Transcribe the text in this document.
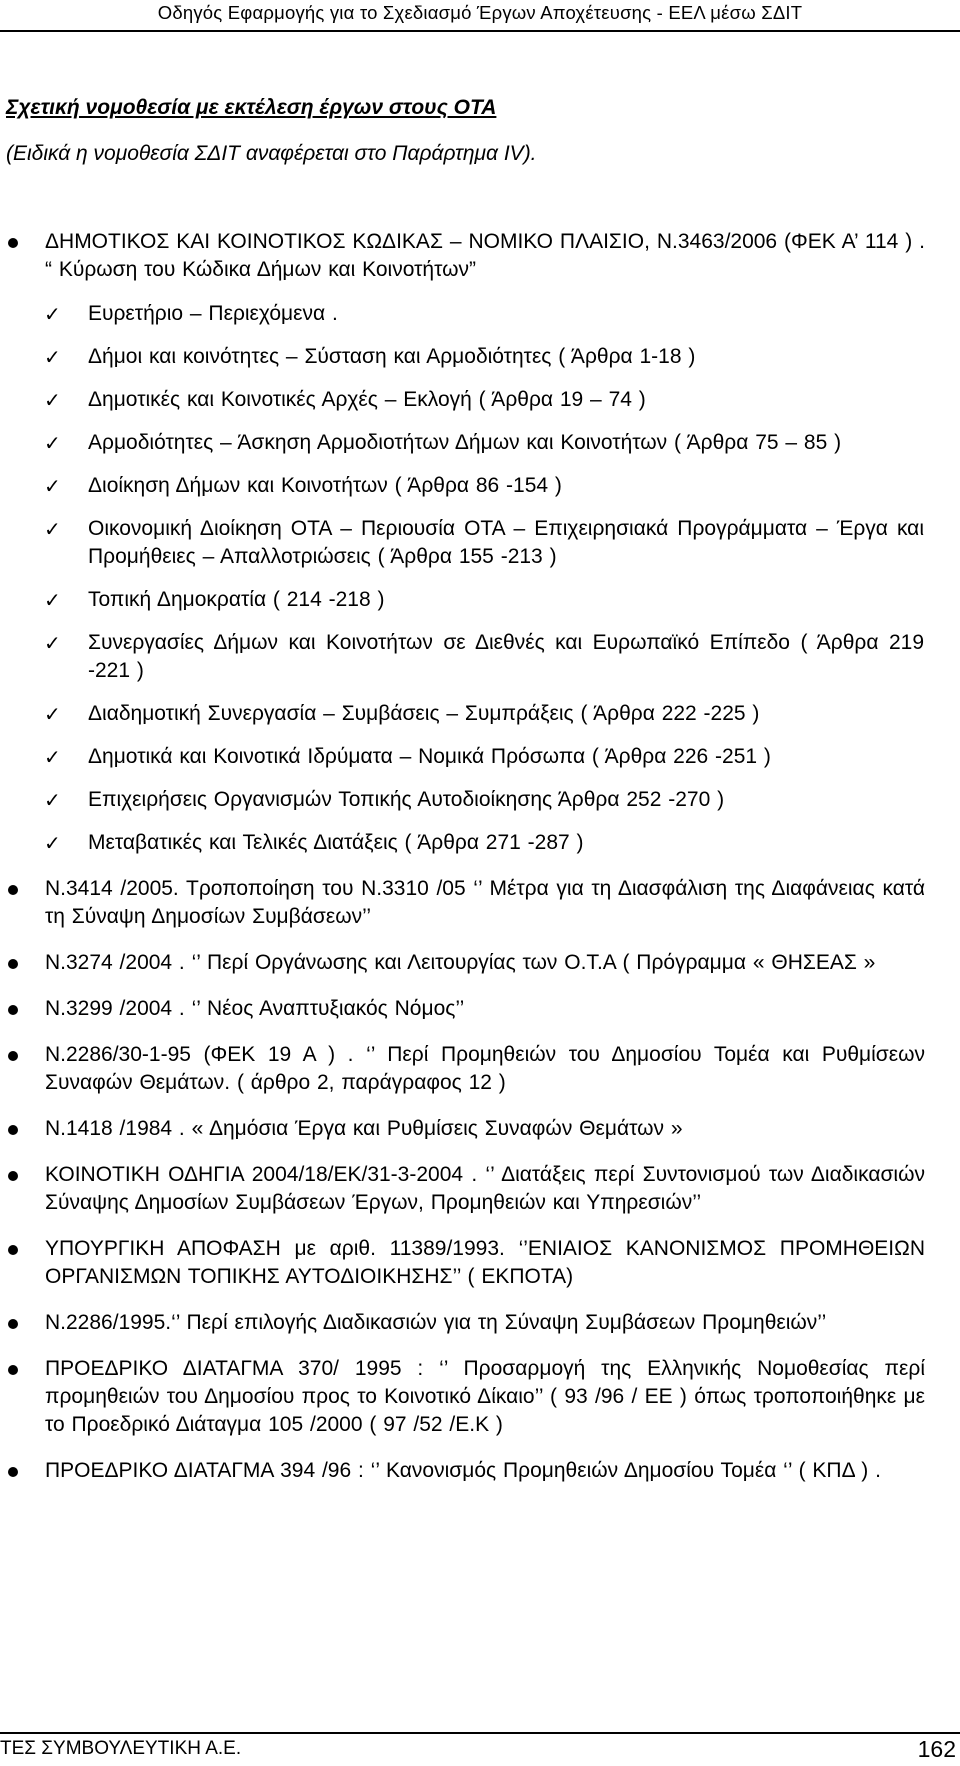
Οδηγός Εφαρμογής για το Σχεδιασμό Έργων Αποχέτευσης - ΕΕΛ μέσω ΣΔΙΤ
Σχετική νομοθεσία με εκτέλεση έργων στους ΟΤΑ
(Ειδικά η νομοθεσία ΣΔΙΤ αναφέρεται στο Παράρτημα IV).
ΔΗΜΟΤΙΚΟΣ ΚΑΙ ΚΟΙΝΟΤΙΚΟΣ ΚΩΔΙΚΑΣ – ΝΟΜΙΚΟ ΠΛΑΙΣΙΟ, Ν.3463/2006 (ΦΕΚ Α’ 114 ) . “ Κύρωση του Κώδικα Δήμων και Κοινοτήτων”
✓ Ευρετήριο – Περιεχόμενα .
✓ Δήμοι και κοινότητες – Σύσταση και Αρμοδιότητες ( Άρθρα 1-18 )
✓ Δημοτικές και Κοινοτικές Αρχές – Εκλογή ( Άρθρα 19 – 74 )
✓ Αρμοδιότητες – Άσκηση Αρμοδιοτήτων Δήμων και Κοινοτήτων ( Άρθρα 75 – 85 )
✓ Διοίκηση Δήμων και Κοινοτήτων ( Άρθρα 86 -154 )
✓ Οικονομική Διοίκηση ΟΤΑ – Περιουσία ΟΤΑ – Επιχειρησιακά Προγράμματα – Έργα και Προμήθειες – Απαλλοτριώσεις ( Άρθρα 155 -213 )
✓ Τοπική Δημοκρατία ( 214 -218 )
✓ Συνεργασίες Δήμων και Κοινοτήτων σε Διεθνές και Ευρωπαϊκό Επίπεδο ( Άρθρα 219 -221 )
✓ Διαδημοτική Συνεργασία – Συμβάσεις – Συμπράξεις ( Άρθρα 222 -225 )
✓ Δημοτικά και Κοινοτικά Ιδρύματα – Νομικά Πρόσωπα ( Άρθρα 226 -251 )
✓ Επιχειρήσεις Οργανισμών Τοπικής Αυτοδιοίκησης Άρθρα 252 -270 )
✓ Μεταβατικές και Τελικές Διατάξεις ( Άρθρα 271 -287 )
Ν.3414 /2005. Τροποποίηση του Ν.3310 /05 ‘’ Μέτρα για τη Διασφάλιση της Διαφάνειας κατά τη Σύναψη Δημοσίων Συμβάσεων’’
Ν.3274 /2004 . ‘’ Περί Οργάνωσης και Λειτουργίας των Ο.Τ.Α ( Πρόγραμμα « ΘΗΣΕΑΣ »
Ν.3299 /2004 . ‘’ Νέος Αναπτυξιακός Νόμος’’
Ν.2286/30-1-95 (ΦΕΚ 19 Α ) . ‘’ Περί Προμηθειών του Δημοσίου Τομέα και Ρυθμίσεων Συναφών Θεμάτων. ( άρθρο 2, παράγραφος 12 )
Ν.1418 /1984 . « Δημόσια Έργα και Ρυθμίσεις Συναφών Θεμάτων »
ΚΟΙΝΟΤΙΚΗ ΟΔΗΓΙΑ 2004/18/ΕΚ/31-3-2004 . ‘’ Διατάξεις περί Συντονισμού των Διαδικασιών Σύναψης Δημοσίων Συμβάσεων Έργων, Προμηθειών και Υπηρεσιών’’
ΥΠΟΥΡΓΙΚΗ ΑΠΟΦΑΣΗ με αριθ. 11389/1993. ‘’ΕΝΙΑΙΟΣ ΚΑΝΟΝΙΣΜΟΣ ΠΡΟΜΗΘΕΙΩΝ ΟΡΓΑΝΙΣΜΩΝ ΤΟΠΙΚΗΣ ΑΥΤΟΔΙΟΙΚΗΣΗΣ’’ ( ΕΚΠΟΤΑ)
Ν.2286/1995.‘’ Περί επιλογής Διαδικασιών για τη Σύναψη Συμβάσεων Προμηθειών’’
ΠΡΟΕΔΡΙΚΟ ΔΙΑΤΑΓΜΑ 370/ 1995 : ‘’ Προσαρμογή της Ελληνικής Νομοθεσίας περί προμηθειών του Δημοσίου προς το Κοινοτικό Δίκαιο’’ ( 93 /96 / ΕΕ ) όπως τροποποιήθηκε με το Προεδρικό Διάταγμα 105 /2000 ( 97 /52 /Ε.Κ )
ΠΡΟΕΔΡΙΚΟ ΔΙΑΤΑΓΜΑ 394 /96 : ‘’ Κανονισμός Προμηθειών Δημοσίου Τομέα ‘’ ( ΚΠΔ ) .
ΤΕΣ ΣΥΜΒΟΥΛΕΥΤΙΚΗ Α.Ε.	162
